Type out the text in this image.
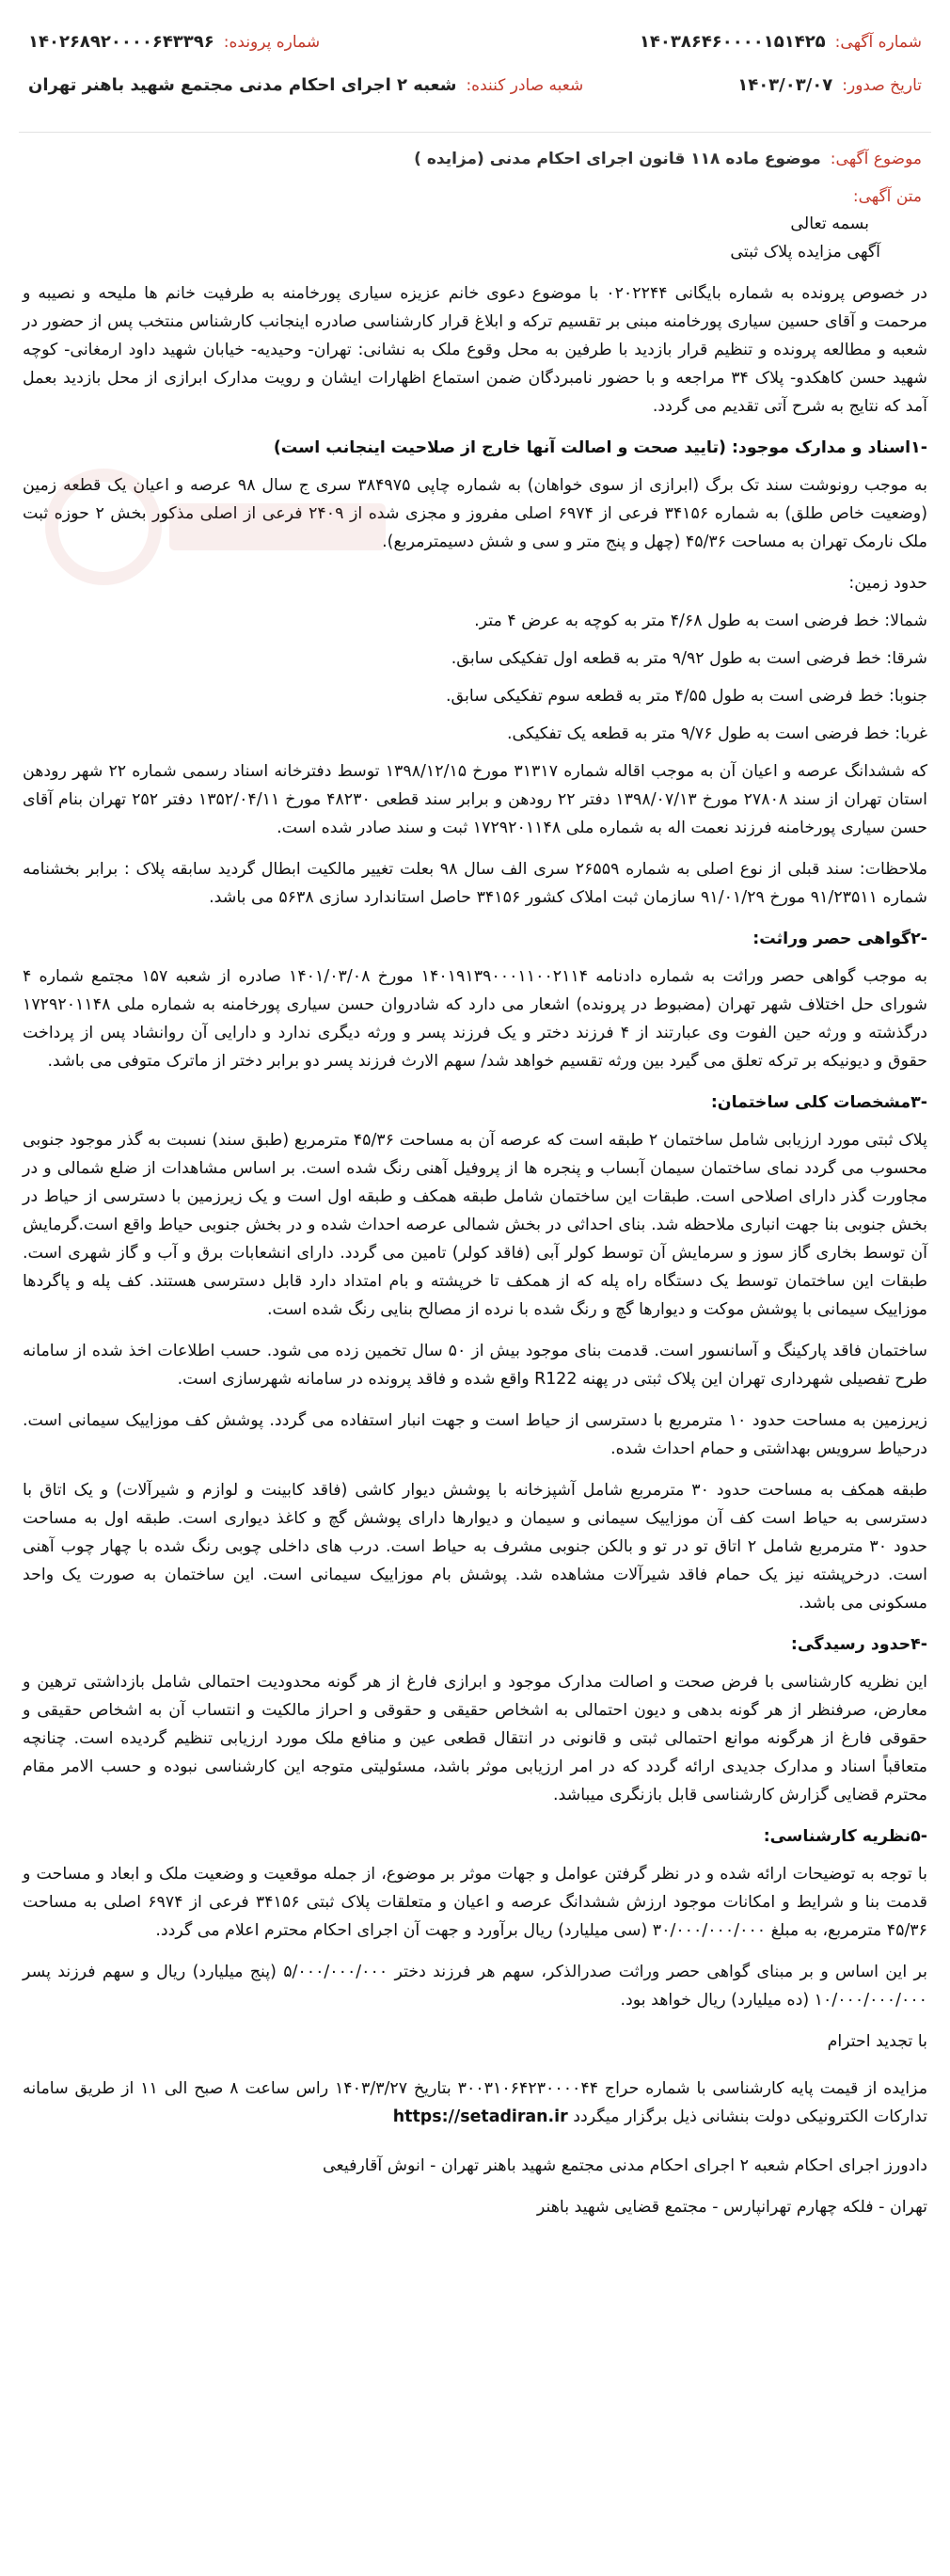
شماره آگهی:
۱۴۰۳۸۶۴۶۰۰۰۰۱۵۱۴۲۵
شماره پرونده:
۱۴۰۲۶۸۹۲۰۰۰۰۶۴۳۳۹۶
تاریخ صدور:
۱۴۰۳/۰۳/۰۷
شعبه صادر کننده:
شعبه ۲ اجرای احکام مدنی مجتمع شهید باهنر تهران
موضوع آگهی:
موضوع ماده ۱۱۸ قانون اجرای احکام مدنی (مزایده )
متن آگهی:

بسمه تعالی

آگهی مزایده پلاک ثبتی

در خصوص پرونده به شماره بایگانی ۰۲۰۲۲۴۴ با موضوع دعوی خانم عزیزه سیاری پورخامنه به طرفیت خانم ها ملیحه و نصیبه و مرحمت و آقای حسین سیاری پورخامنه مبنی بر تقسیم ترکه و ابلاغ قرار کارشناسی صادره اینجانب کارشناس منتخب پس از حضور در شعبه و مطالعه پرونده و تنظیم قرار بازدید با طرفین به محل وقوع ملک به نشانی: تهران- وحیدیه- خیابان شهید داود ارمغانی- کوچه شهید حسن کاهکدو- پلاک ۳۴ مراجعه و با حضور نامبردگان ضمن استماع اظهارات ایشان و رویت مدارک ابرازی از محل بازدید بعمل آمد که نتایج به شرح آتی تقدیم می گردد.

-۱اسناد و مدارک موجود: (تایید صحت و اصالت آنها خارج از صلاحیت اینجانب است)

به موجب رونوشت سند تک برگ (ابرازی از سوی خواهان) به شماره چاپی ۳۸۴۹۷۵ سری ج سال ۹۸ عرصه و اعیان یک قطعه زمین (وضعیت خاص طلق) به شماره ۳۴۱۵۶ فرعی از ۶۹۷۴ اصلی مفروز و مجزی شده از ۲۴۰۹ فرعی از اصلی مذکور بخش ۲ حوزه ثبت ملک نارمک تهران به مساحت ۴۵/۳۶ (چهل و پنج متر و سی و شش دسیمترمربع).

حدود زمین:

شمالا: خط فرضی است به طول ۴/۶۸ متر به کوچه به عرض ۴ متر.

شرقا: خط فرضی است به طول ۹/۹۲ متر به قطعه اول تفکیکی سابق.

جنوبا: خط فرضی است به طول ۴/۵۵ متر به قطعه سوم تفکیکی سابق.

غربا: خط فرضی است به طول ۹/۷۶ متر به قطعه یک تفکیکی.

که ششدانگ عرصه و اعیان آن به موجب اقاله شماره ۳۱۳۱۷ مورخ ۱۳۹۸/۱۲/۱۵ توسط دفترخانه اسناد رسمی شماره ۲۲ شهر رودهن استان تهران از سند ۲۷۸۰۸ مورخ ۱۳۹۸/۰۷/۱۳ دفتر ۲۲ رودهن و برابر سند قطعی ۴۸۲۳۰ مورخ ۱۳۵۲/۰۴/۱۱ دفتر ۲۵۲ تهران بنام آقای حسن سیاری پورخامنه فرزند نعمت اله به شماره ملی ۱۷۲۹۲۰۱۱۴۸ ثبت و سند صادر شده است.

ملاحظات: سند قبلی از نوع اصلی به شماره ۲۶۵۵۹ سری الف سال ۹۸ بعلت تغییر مالکیت ابطال گردید سابقه پلاک : برابر بخشنامه شماره ۹۱/۲۳۵۱۱ مورخ ۹۱/۰۱/۲۹ سازمان ثبت املاک کشور ۳۴۱۵۶ حاصل استاندارد سازی ۵۶۳۸ می باشد.

-۲گواهی حصر وراثت:

به موجب گواهی حصر وراثت به شماره دادنامه ۱۴۰۱۹۱۳۹۰۰۰۱۱۰۰۲۱۱۴ مورخ ۱۴۰۱/۰۳/۰۸ صادره از شعبه ۱۵۷ مجتمع شماره ۴ شورای حل اختلاف شهر تهران (مضبوط در پرونده) اشعار می دارد که شادروان حسن سیاری پورخامنه به شماره ملی ۱۷۲۹۲۰۱۱۴۸ درگذشته و ورثه حین الفوت وی عبارتند از ۴ فرزند دختر و یک فرزند پسر و ورثه دیگری ندارد و دارایی آن روانشاد پس از پرداخت حقوق و دیونیکه بر ترکه تعلق می گیرد بین ورثه تقسیم خواهد شد/ سهم الارث فرزند پسر دو برابر دختر از ماترک متوفی می باشد.

-۳مشخصات کلی ساختمان:

پلاک ثبتی مورد ارزیابی شامل ساختمان ۲ طبقه است که عرصه آن به مساحت ۴۵/۳۶ مترمربع (طبق سند) نسبت به گذر موجود جنوبی محسوب می گردد نمای ساختمان سیمان آبساب و پنجره ها از پروفیل آهنی رنگ شده است. بر اساس مشاهدات از ضلع شمالی و در مجاورت گذر دارای اصلاحی است. طبقات این ساختمان شامل طبقه همکف و طبقه اول است و یک زیرزمین با دسترسی از حیاط در بخش جنوبی بنا جهت انباری ملاحظه شد. بنای احداثی در بخش شمالی عرصه احداث شده و در بخش جنوبی حیاط واقع است.گرمایش آن توسط بخاری گاز سوز و سرمایش آن توسط کولر آبی (فاقد کولر) تامین می گردد. دارای انشعابات برق و آب و گاز شهری است. طبقات این ساختمان توسط یک دستگاه راه پله که از همکف تا خرپشته و بام امتداد دارد قابل دسترسی هستند. کف پله و پاگردها موزاییک سیمانی با پوشش موکت و دیوارها گچ و رنگ شده با نرده از مصالح بنایی رنگ شده است.

ساختمان فاقد پارکینگ و آسانسور است. قدمت بنای موجود بیش از ۵۰ سال تخمین زده می شود. حسب اطلاعات اخذ شده از سامانه طرح تفصیلی شهرداری تهران این پلاک ثبتی در پهنه R122 واقع شده و فاقد پرونده در سامانه شهرسازی است.

زیرزمین به مساحت حدود ۱۰ مترمربع با دسترسی از حیاط است و جهت انبار استفاده می گردد. پوشش کف موزاییک سیمانی است. درحیاط سرویس بهداشتی و حمام احداث شده.

طبقه همکف به مساحت حدود ۳۰ مترمربع شامل آشپزخانه با پوشش دیوار کاشی (فاقد کابینت و لوازم و شیرآلات) و یک اتاق با دسترسی به حیاط است کف آن موزاییک سیمانی و سیمان و دیوارها دارای پوشش گچ و کاغذ دیواری است. طبقه اول به مساحت حدود ۳۰ مترمربع شامل ۲ اتاق تو در تو و بالکن جنوبی مشرف به حیاط است. درب های داخلی چوبی رنگ شده با چهار چوب آهنی است. درخرپشته نیز یک حمام فاقد شیرآلات مشاهده شد. پوشش بام موزاییک سیمانی است. این ساختمان به صورت یک واحد مسکونی می باشد.

-۴حدود رسیدگی:

این نظریه کارشناسی با فرض صحت و اصالت مدارک موجود و ابرازی فارغ از هر گونه محدودیت احتمالی شامل بازداشتی ترهین و معارض، صرفنظر از هر گونه بدهی و دیون احتمالی به اشخاص حقیقی و حقوقی و احراز مالکیت و انتساب آن به اشخاص حقیقی و حقوقی فارغ از هرگونه موانع احتمالی ثبتی و قانونی در انتقال قطعی عین و منافع ملک مورد ارزیابی تنظیم گردیده است. چنانچه متعاقباً اسناد و مدارک جدیدی ارائه گردد که در امر ارزیابی موثر باشد، مسئولیتی متوجه این کارشناسی نبوده و حسب الامر مقام محترم قضایی گزارش کارشناسی قابل بازنگری میباشد.

-۵نظریه کارشناسی:

با توجه به توضیحات ارائه شده و در نظر گرفتن عوامل و جهات موثر بر موضوع، از جمله موقعیت و وضعیت ملک و ابعاد و مساحت و قدمت بنا و شرایط و امکانات موجود ارزش ششدانگ عرصه و اعیان و متعلقات پلاک ثبتی ۳۴۱۵۶ فرعی از ۶۹۷۴ اصلی به مساحت ۴۵/۳۶ مترمربع، به مبلغ ۳۰/۰۰۰/۰۰۰/۰۰۰ (سی میلیارد) ریال برآورد و جهت آن اجرای احکام محترم اعلام می گردد.

بر این اساس و بر مبنای گواهی حصر وراثت صدرالذکر، سهم هر فرزند دختر ۵/۰۰۰/۰۰۰/۰۰۰ (پنج میلیارد) ریال و سهم فرزند پسر ۱۰/۰۰۰/۰۰۰/۰۰۰ (ده میلیارد) ریال خواهد بود.

با تجدید احترام

مزایده از قیمت پایه کارشناسی با شماره حراج ۳۰۰۳۱۰۶۴۲۳۰۰۰۰۴۴ بتاریخ ۱۴۰۳/۳/۲۷ راس ساعت ۸ صبح الی ۱۱ از طریق سامانه تدارکات الکترونیکی دولت بنشانی ذیل برگزار میگردد https://setadiran.ir

دادورز اجرای احکام شعبه ۲ اجرای احکام مدنی مجتمع شهید باهنر تهران - انوش آقارفیعی

تهران - فلکه چهارم تهرانپارس - مجتمع قضایی شهید باهنر
